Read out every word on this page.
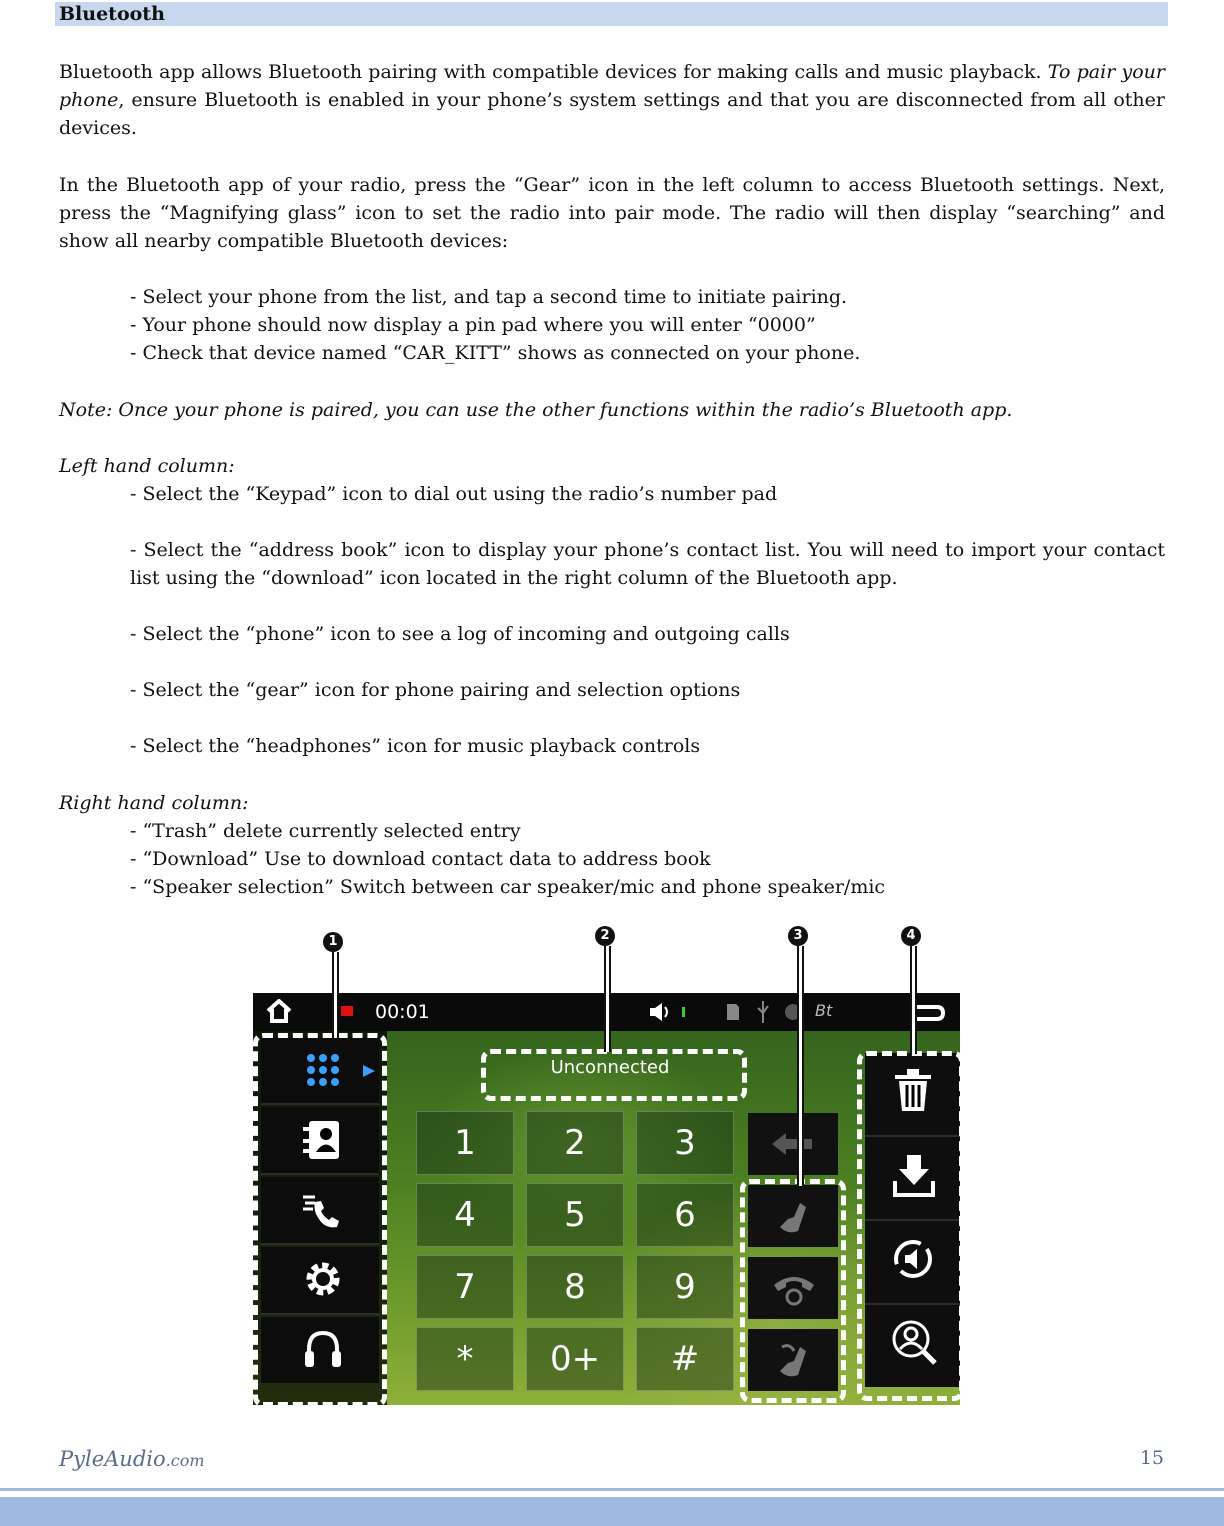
Bluetooth
Bluetooth app allows Bluetooth pairing with compatible devices for making calls and music playback. To pair your phone, ensure Bluetooth is enabled in your phone’s system settings and that you are disconnected from all other devices.
In the Bluetooth app of your radio, press the “Gear” icon in the left column to access Bluetooth settings. Next, press the “Magnifying glass” icon to set the radio into pair mode. The radio will then display “searching” and show all nearby compatible Bluetooth devices:
- Select your phone from the list, and tap a second time to initiate pairing.
- Your phone should now display a pin pad where you will enter “0000”
- Check that device named “CAR_KITT” shows as connected on your phone.
Note: Once your phone is paired, you can use the other functions within the radio’s Bluetooth app.
Left hand column:
- Select the “Keypad” icon to dial out using the radio’s number pad
- Select the “address book” icon to display your phone’s contact list. You will need to import your contact list using the “download” icon located in the right column of the Bluetooth app.
- Select the “phone” icon to see a log of incoming and outgoing calls
- Select the “gear” icon for phone pairing and selection options
- Select the “headphones” icon for music playback controls
Right hand column:
- “Trash” delete currently selected entry
- “Download” Use to download contact data to address book
- “Speaker selection” Switch between car speaker/mic and phone speaker/mic
1	2	3	4
00:01	Bt
Unconnected
1	2	3
4	5	6
7	8	9
*	0+	#
PyleAudio.com	15
